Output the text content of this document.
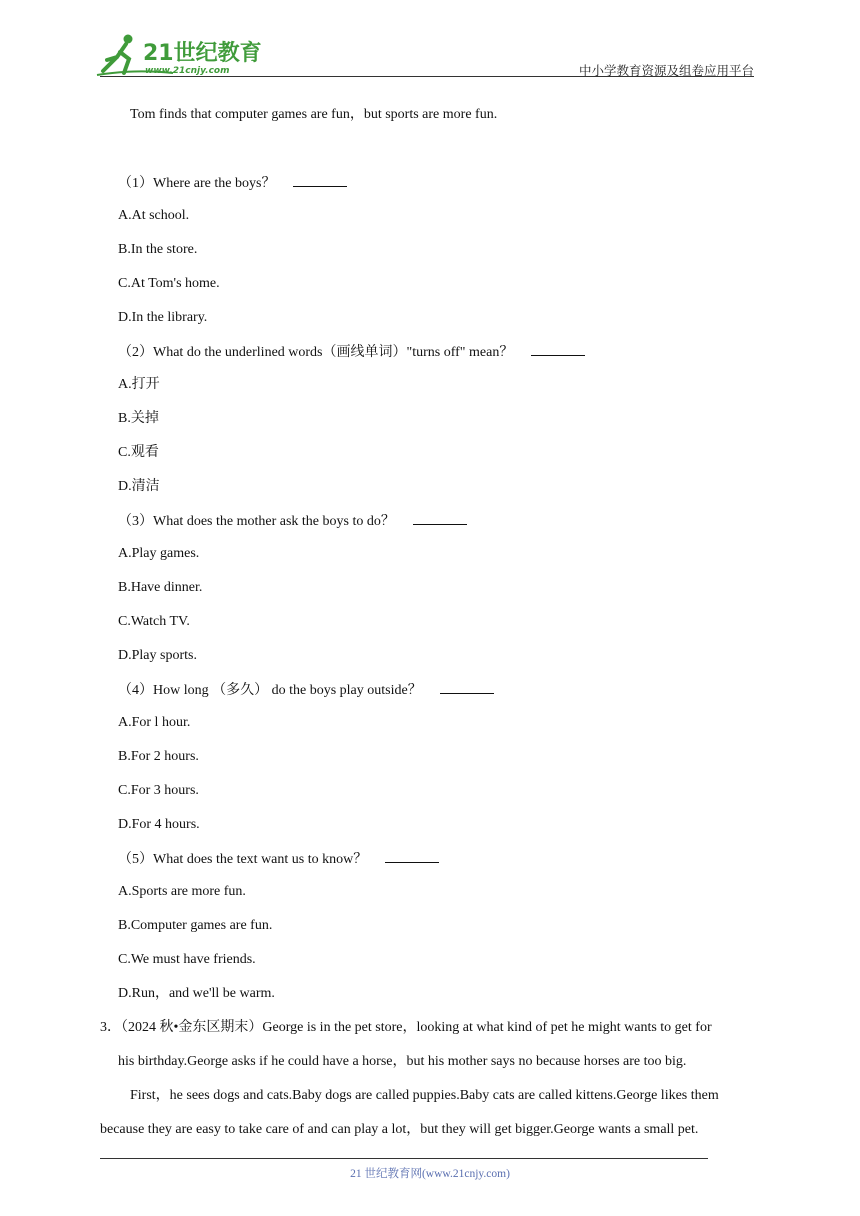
21世纪教育
www.21cnjy.com	中小学教育资源及组卷应用平台
Tom finds that computer games are fun，but sports are more fun.
（1）Where are the boys？
A.At school.
B.In the store.
C.At Tom's home.
D.In the library.
（2）What do the underlined words（画线单词）"turns off" mean？
A.打开
B.关掉
C.观看
D.清洁
（3）What does the mother ask the boys to do？
A.Play games.
B.Have dinner.
C.Watch TV.
D.Play sports.
（4）How long （多久） do the boys play outside？
A.For l hour.
B.For 2 hours.
C.For 3 hours.
D.For 4 hours.
（5）What does the text want us to know？
A.Sports are more fun.
B.Computer games are fun.
C.We must have friends.
D.Run，and we'll be warm.
3．（2024 秋•金东区期末）George is in the pet store，looking at what kind of pet he might wants to get for
his birthday.George asks if he could have a horse，but his mother says no because horses are too big.
First，he sees dogs and cats.Baby dogs are called puppies.Baby cats are called kittens.George likes them
because they are easy to take care of and can play a lot，but they will get bigger.George wants a small pet.
21 世纪教育网(www.21cnjy.com)
